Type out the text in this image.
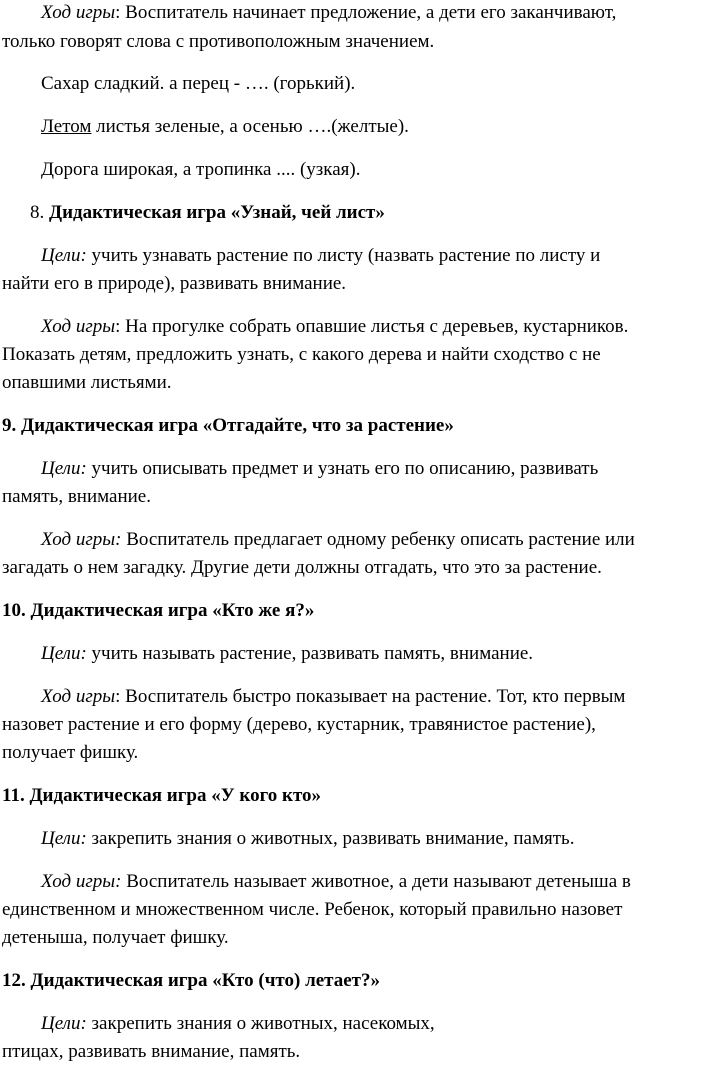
Ход игры: Воспитатель начинает предложение, а дети его заканчивают,
только говорят слова с противоположным значением.
Сахар сладкий. а перец - …. (горький).
Летом листья зеленые, а осенью ….(желтые).
Дорога широкая, а тропинка .... (узкая).
8. Дидактическая игра «Узнай, чей лист»
Цели: учить узнавать растение по листу (назвать растение по листу и
найти его в природе), развивать внимание.
Ход игры: На прогулке собрать опавшие листья с деревьев, кустарников.
Показать детям, предложить узнать, с какого дерева и найти сходство с не
опавшими листьями.
9. Дидактическая игра «Отгадайте, что за растение»
Цели: учить описывать предмет и узнать его по описанию, развивать
память, внимание.
Ход игры: Воспитатель предлагает одному ребенку описать растение или
загадать о нем загадку. Другие дети должны отгадать, что это за растение.
10. Дидактическая игра «Кто же я?»
Цели: учить называть растение, развивать память, внимание.
Ход игры: Воспитатель быстро показывает на растение. Тот, кто первым
назовет растение и его форму (дерево, кустарник, травянистое растение),
получает фишку.
11. Дидактическая игра «У кого кто»
Цели: закрепить знания о животных, развивать внимание, память.
Ход игры: Воспитатель называет животное, а дети называют детеныша в
единственном и множественном числе. Ребенок, который правильно назовет
детеныша, получает фишку.
12. Дидактическая игра «Кто (что) летает?»
Цели: закрепить знания о животных, насекомых,
птицах, развивать внимание, память.
